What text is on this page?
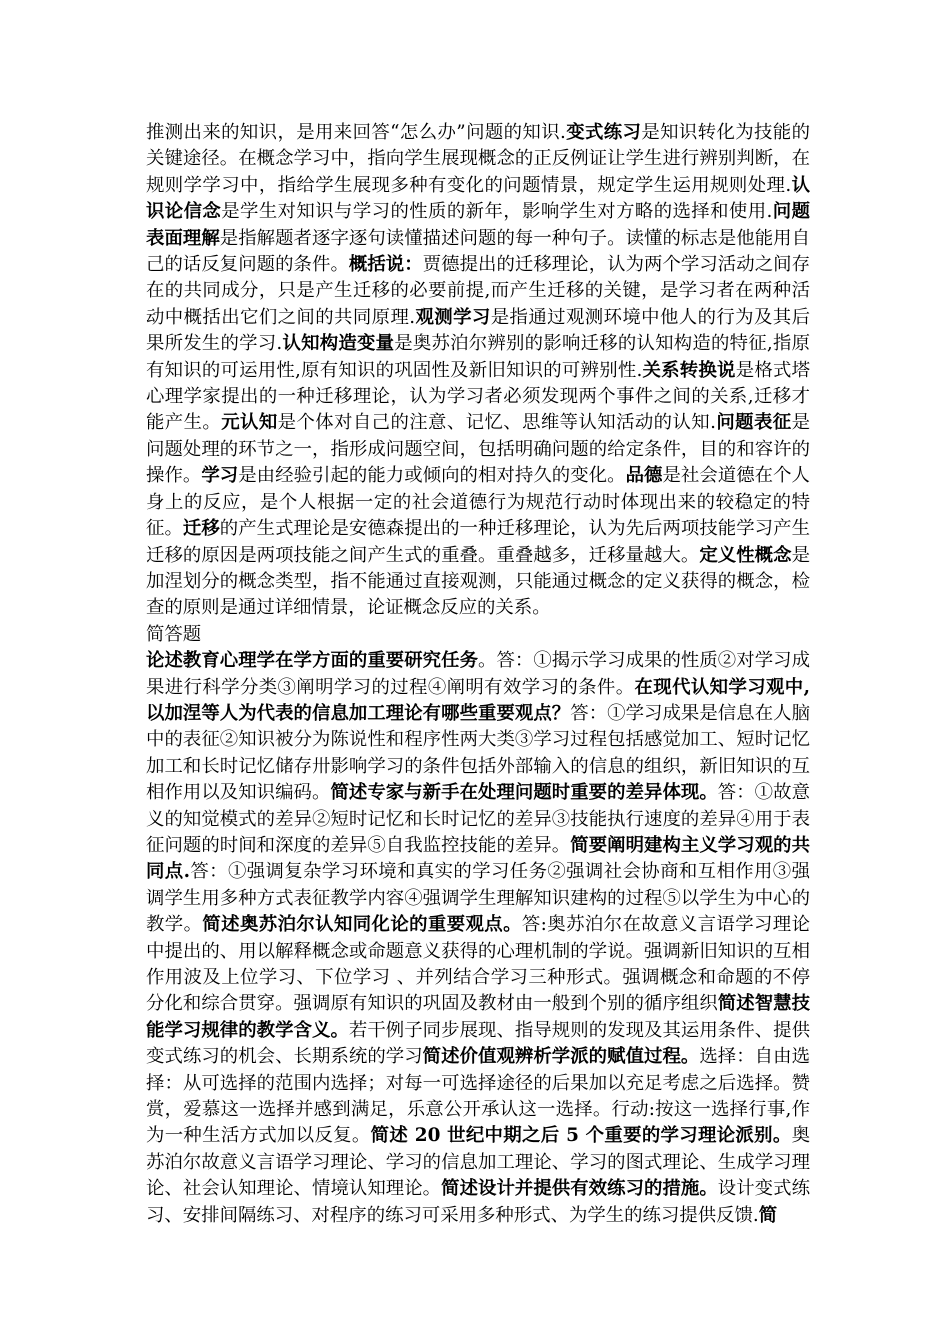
推测出来的知识，是用来回答“怎么办”问题的知识.变式练习是知识转化为技能的关键途径。在概念学习中，指向学生展现概念的正反例证让学生进行辨别判断，在规则学学习中，指给学生展现多种有变化的问题情景，规定学生运用规则处理.认识论信念是学生对知识与学习的性质的新年，影响学生对方略的选择和使用.问题表面理解是指解题者逐字逐句读懂描述问题的每一种句子。读懂的标志是他能用自己的话反复问题的条件。概括说：贾德提出的迁移理论，认为两个学习活动之间存在的共同成分，只是产生迁移的必要前提,而产生迁移的关键，是学习者在两种活动中概括出它们之间的共同原理.观测学习是指通过观测环境中他人的行为及其后果所发生的学习.认知构造变量是奥苏泊尔辨别的影响迁移的认知构造的特征,指原有知识的可运用性,原有知识的巩固性及新旧知识的可辨别性.关系转换说是格式塔心理学家提出的一种迁移理论，认为学习者必须发现两个事件之间的关系,迁移才能产生。元认知是个体对自己的注意、记忆、思维等认知活动的认知.问题表征是问题处理的环节之一，指形成问题空间，包括明确问题的给定条件，目的和容许的操作。学习是由经验引起的能力或倾向的相对持久的变化。品德是社会道德在个人身上的反应，是个人根据一定的社会道德行为规范行动时体现出来的较稳定的特征。迁移的产生式理论是安德森提出的一种迁移理论，认为先后两项技能学习产生迁移的原因是两项技能之间产生式的重叠。重叠越多，迁移量越大。定义性概念是加涅划分的概念类型，指不能通过直接观测，只能通过概念的定义获得的概念，检查的原则是通过详细情景，论证概念反应的关系。

简答题

论述教育心理学在学方面的重要研究任务。答：①揭示学习成果的性质②对学习成果进行科学分类③阐明学习的过程④阐明有效学习的条件。在现代认知学习观中,以加涅等人为代表的信息加工理论有哪些重要观点？答：①学习成果是信息在人脑中的表征②知识被分为陈说性和程序性两大类③学习过程包括感觉加工、短时记忆加工和长时记忆储存卅影响学习的条件包括外部输入的信息的组织，新旧知识的互相作用以及知识编码。简述专家与新手在处理问题时重要的差异体现。答：①故意义的知觉模式的差异②短时记忆和长时记忆的差异③技能执行速度的差异④用于表征问题的时间和深度的差异⑤自我监控技能的差异。简要阐明建构主义学习观的共同点.答：①强调复杂学习环境和真实的学习任务②强调社会协商和互相作用③强调学生用多种方式表征教学内容④强调学生理解知识建构的过程⑤以学生为中心的教学。简述奥苏泊尔认知同化论的重要观点。答:奥苏泊尔在故意义言语学习理论中提出的、用以解释概念或命题意义获得的心理机制的学说。强调新旧知识的互相作用波及上位学习、下位学习 、并列结合学习三种形式。强调概念和命题的不停分化和综合贯穿。强调原有知识的巩固及教材由一般到个别的循序组织简述智慧技能学习规律的教学含义。若干例子同步展现、指导规则的发现及其运用条件、提供变式练习的机会、长期系统的学习简述价值观辨析学派的赋值过程。选择：自由选择：从可选择的范围内选择；对每一可选择途径的后果加以充足考虑之后选择。赞赏，爱慕这一选择并感到满足，乐意公开承认这一选择。行动:按这一选择行事,作为一种生活方式加以反复。简述 20 世纪中期之后 5 个重要的学习理论派别。奥苏泊尔故意义言语学习理论、学习的信息加工理论、学习的图式理论、生成学习理论、社会认知理论、情境认知理论。简述设计并提供有效练习的措施。设计变式练习、安排间隔练习、对程序的练习可采用多种形式、为学生的练习提供反馈.简
